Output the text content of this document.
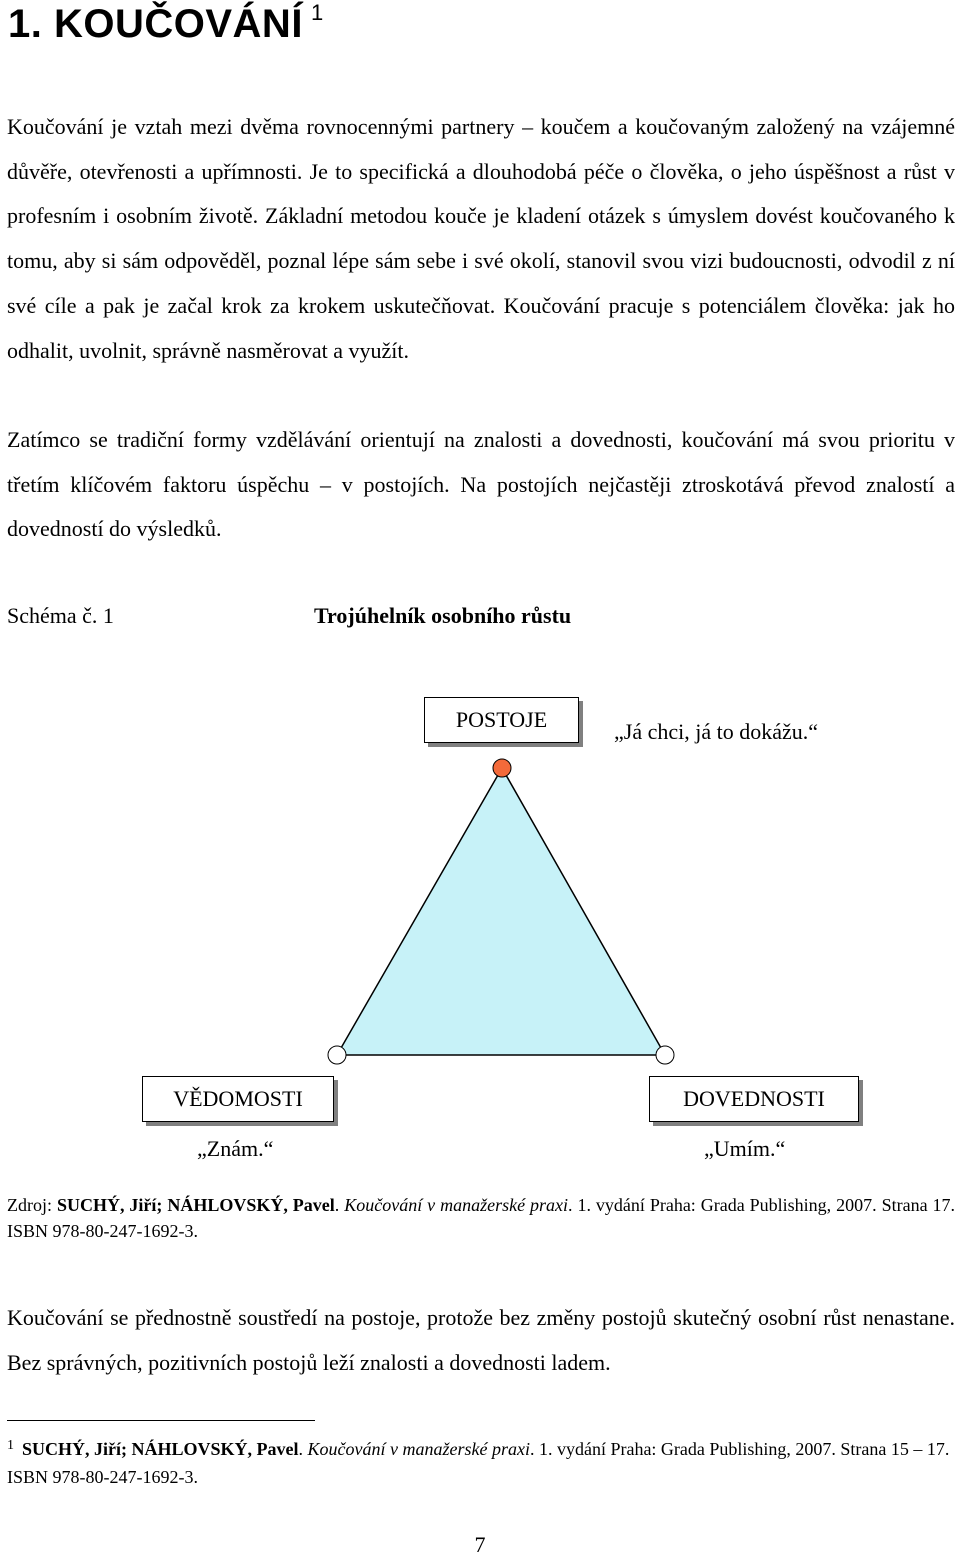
1. KOUČOVÁNÍ $^1$
Koučování je vztah mezi dvěma rovnocennými partnery – koučem a koučovaným založený na vzájemné důvěře, otevřenosti a upřímnosti. Je to specifická a dlouhodobá péče o člověka, o jeho úspěšnost a růst v profesním i osobním životě. Základní metodou kouče je kladení otázek s úmyslem dovést koučovaného k tomu, aby si sám odpověděl, poznal lépe sám sebe i své okolí, stanovil svou vizi budoucnosti, odvodil z ní své cíle a pak je začal krok za krokem uskutečňovat. Koučování pracuje s potenciálem člověka: jak ho odhalit, uvolnit, správně nasměrovat a využít.
Zatímco se tradiční formy vzdělávání orientují na znalosti a dovednosti, koučování má svou prioritu v třetím klíčovém faktoru úspěchu – v postojích. Na postojích nejčastěji ztroskotává převod znalostí a dovedností do výsledků.
Schéma č. 1	Trojúhelník osobního růstu
POSTOJE	„Já chci, já to dokážu.“
VĚDOMOSTI
„Znám.“
DOVEDNOSTI
„Umím.“
Zdroj: SUCHÝ, Jiří; NÁHLOVSKÝ, Pavel. Koučování v manažerské praxi. 1. vydání Praha: Grada Publishing, 2007. Strana 17. ISBN 978-80-247-1692-3.
Koučování se přednostně soustředí na postoje, protože bez změny postojů skutečný osobní růst nenastane. Bez správných, pozitivních postojů leží znalosti a dovednosti ladem.
$^1$ SUCHÝ, Jiří; NÁHLOVSKÝ, Pavel. Koučování v manažerské praxi. 1. vydání Praha: Grada Publishing, 2007. Strana 15 – 17. ISBN 978-80-247-1692-3.
7
